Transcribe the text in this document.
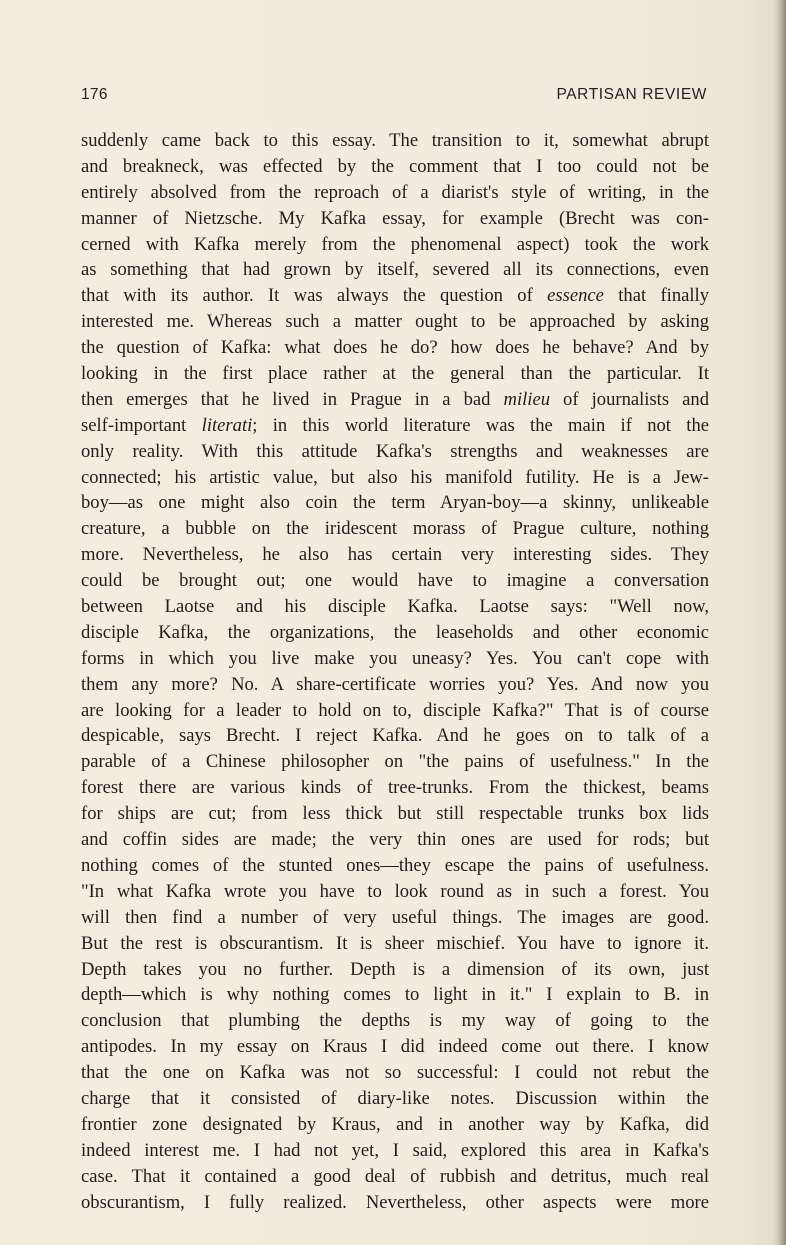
176	PARTISAN REVIEW
suddenly came back to this essay. The transition to it, somewhat abrupt
and breakneck, was effected by the comment that I too could not be
entirely absolved from the reproach of a diarist's style of writing, in the
manner of Nietzsche. My Kafka essay, for example (Brecht was con-
cerned with Kafka merely from the phenomenal aspect) took the work
as something that had grown by itself, severed all its connections, even
that with its author. It was always the question of essence that finally
interested me. Whereas such a matter ought to be approached by asking
the question of Kafka: what does he do? how does he behave? And by
looking in the first place rather at the general than the particular. It
then emerges that he lived in Prague in a bad milieu of journalists and
self-important literati; in this world literature was the main if not the
only reality. With this attitude Kafka's strengths and weaknesses are
connected; his artistic value, but also his manifold futility. He is a Jew-
boy—as one might also coin the term Aryan-boy—a skinny, unlikeable
creature, a bubble on the iridescent morass of Prague culture, nothing
more. Nevertheless, he also has certain very interesting sides. They
could be brought out; one would have to imagine a conversation
between Laotse and his disciple Kafka. Laotse says: "Well now,
disciple Kafka, the organizations, the leaseholds and other economic
forms in which you live make you uneasy? Yes. You can't cope with
them any more? No. A share-certificate worries you? Yes. And now you
are looking for a leader to hold on to, disciple Kafka?" That is of course
despicable, says Brecht. I reject Kafka. And he goes on to talk of a
parable of a Chinese philosopher on "the pains of usefulness." In the
forest there are various kinds of tree-trunks. From the thickest, beams
for ships are cut; from less thick but still respectable trunks box lids
and coffin sides are made; the very thin ones are used for rods; but
nothing comes of the stunted ones—they escape the pains of usefulness.
"In what Kafka wrote you have to look round as in such a forest. You
will then find a number of very useful things. The images are good.
But the rest is obscurantism. It is sheer mischief. You have to ignore it.
Depth takes you no further. Depth is a dimension of its own, just
depth—which is why nothing comes to light in it." I explain to B. in
conclusion that plumbing the depths is my way of going to the
antipodes. In my essay on Kraus I did indeed come out there. I know
that the one on Kafka was not so successful: I could not rebut the
charge that it consisted of diary-like notes. Discussion within the
frontier zone designated by Kraus, and in another way by Kafka, did
indeed interest me. I had not yet, I said, explored this area in Kafka's
case. That it contained a good deal of rubbish and detritus, much real
obscurantism, I fully realized. Nevertheless, other aspects were more
